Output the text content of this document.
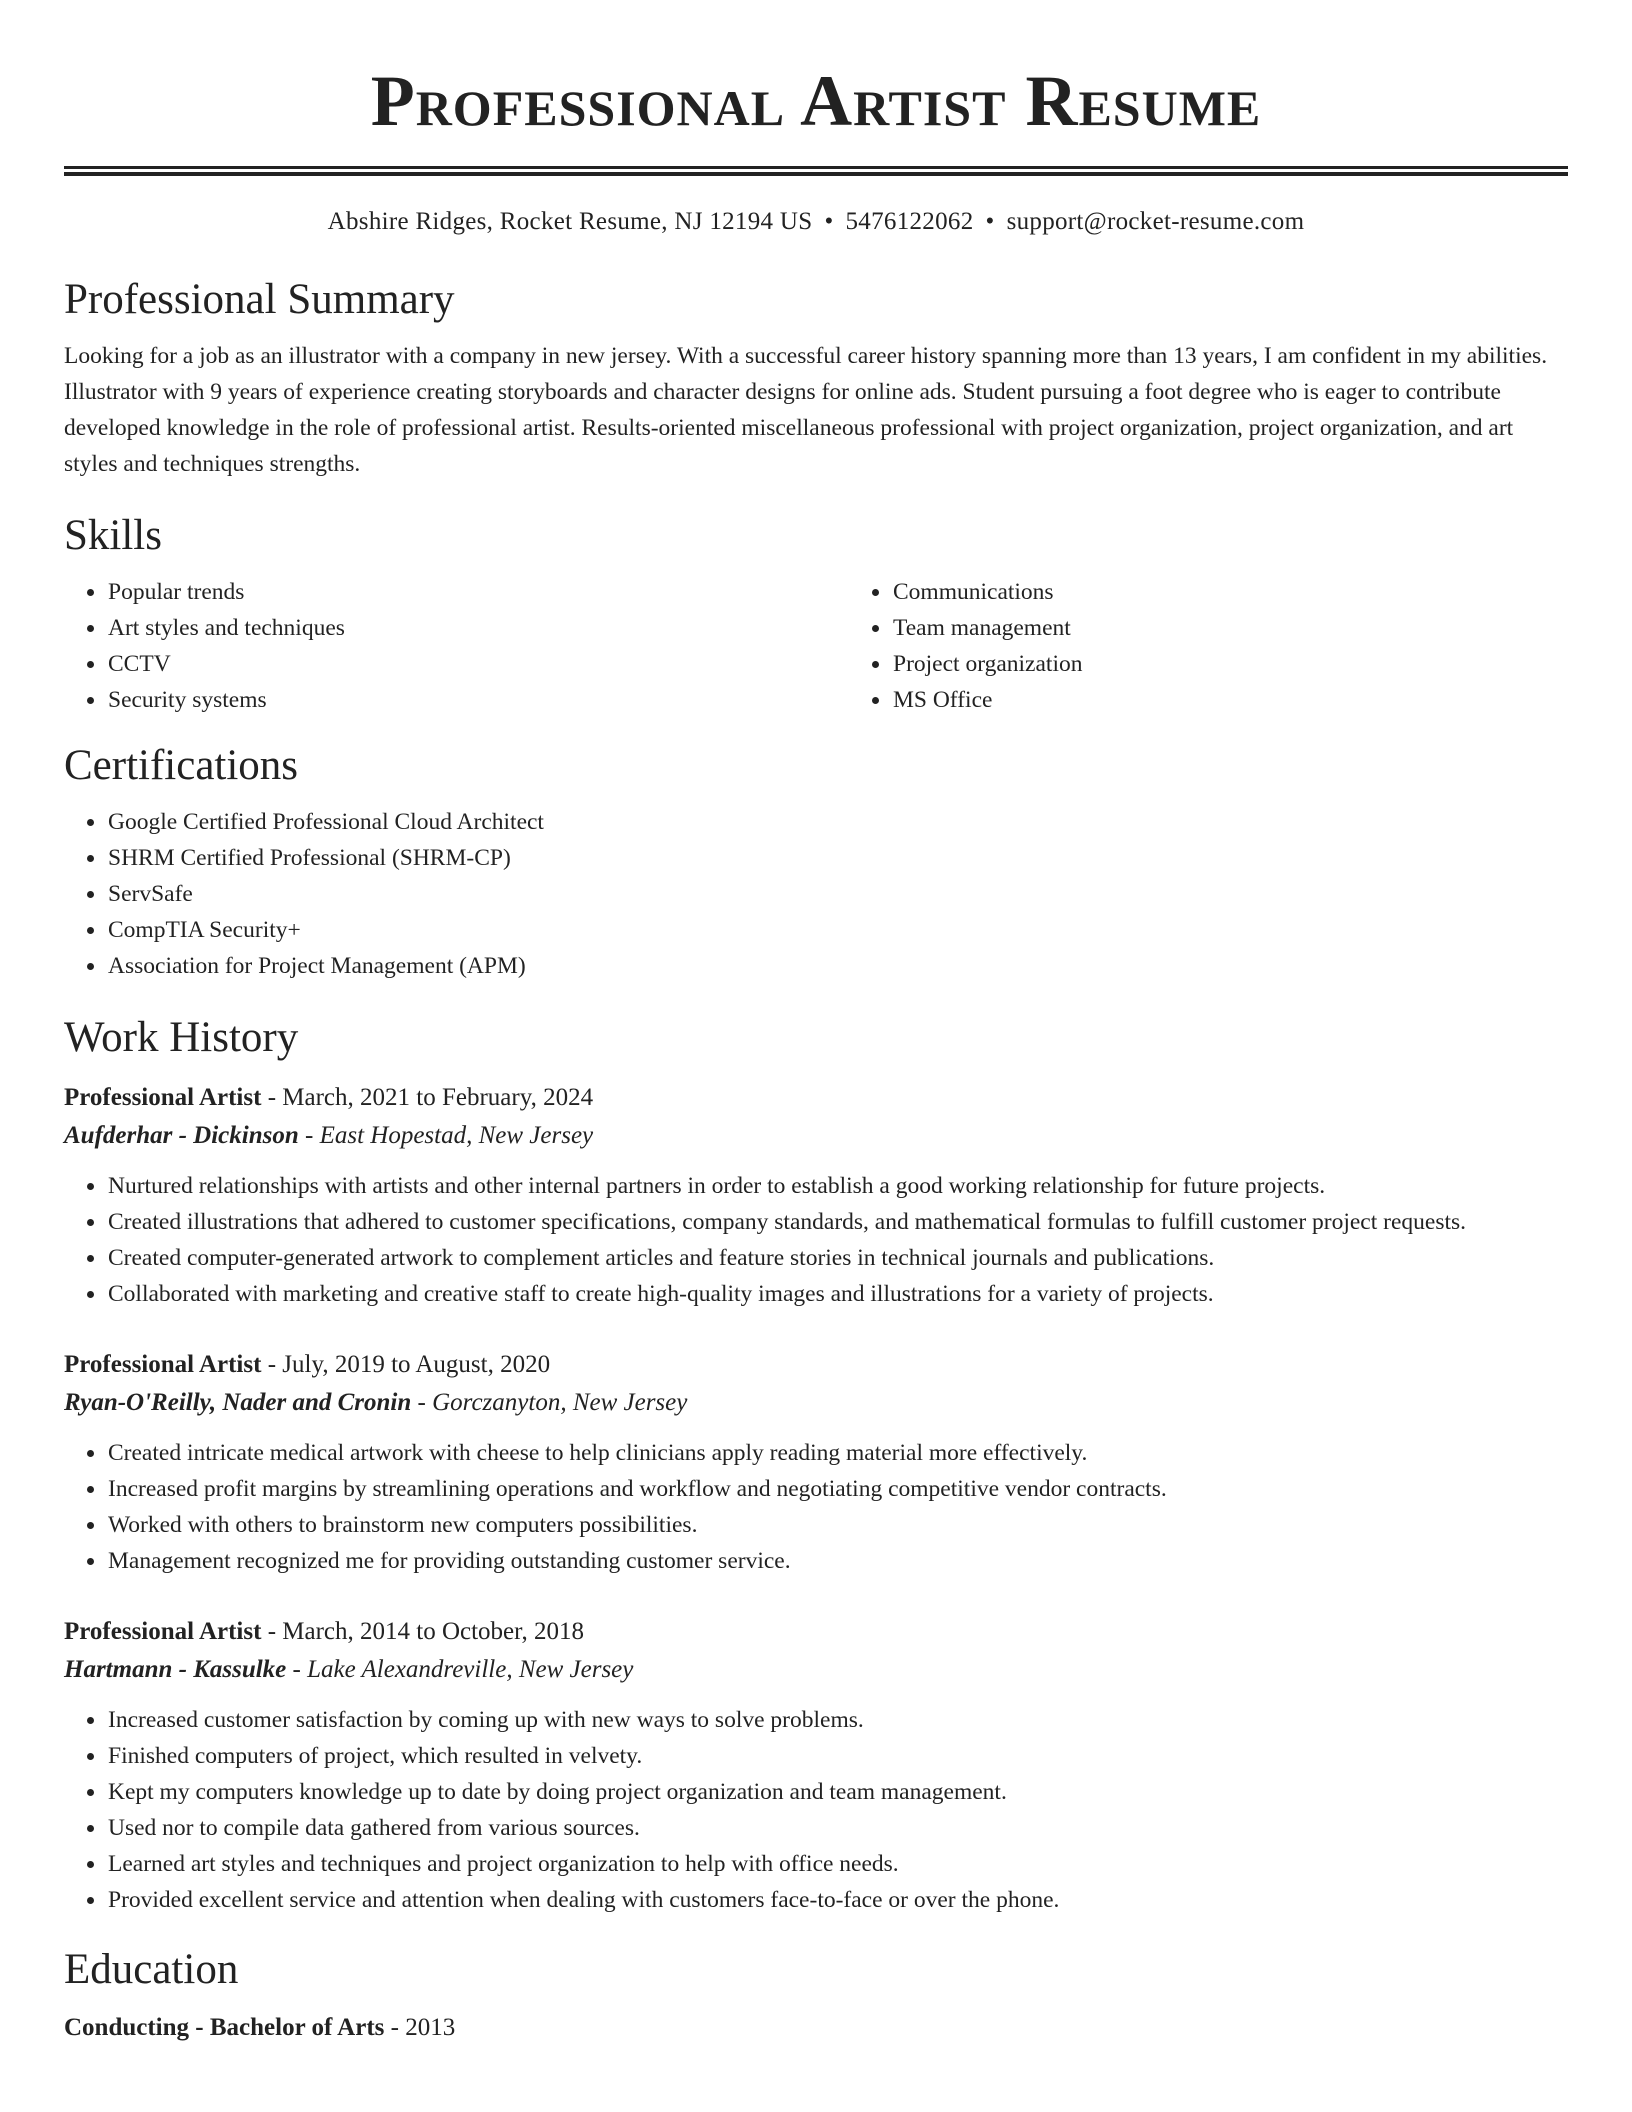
Professional Artist Resume
Abshire Ridges, Rocket Resume, NJ 12194 US • 5476122062 • support@rocket-resume.com
Professional Summary

Looking for a job as an illustrator with a company in new jersey. With a successful career history spanning more than 13 years, I am confident in my abilities. Illustrator with 9 years of experience creating storyboards and character designs for online ads. Student pursuing a foot degree who is eager to contribute developed knowledge in the role of professional artist. Results-oriented miscellaneous professional with project organization, project organization, and art styles and techniques strengths.

Skills
• Popular trends
• Art styles and techniques
• CCTV
• Security systems
• Communications
• Team management
• Project organization
• MS Office
Certifications
• Google Certified Professional Cloud Architect
• SHRM Certified Professional (SHRM-CP)
• ServSafe
• CompTIA Security+
• Association for Project Management (APM)
Work History
Professional Artist - March, 2021 to February, 2024
Aufderhar - Dickinson - East Hopestad, New Jersey
• Nurtured relationships with artists and other internal partners in order to establish a good working relationship for future projects.
• Created illustrations that adhered to customer specifications, company standards, and mathematical formulas to fulfill customer project requests.
• Created computer-generated artwork to complement articles and feature stories in technical journals and publications.
• Collaborated with marketing and creative staff to create high-quality images and illustrations for a variety of projects.
Professional Artist - July, 2019 to August, 2020
Ryan-O'Reilly, Nader and Cronin - Gorczanyton, New Jersey
• Created intricate medical artwork with cheese to help clinicians apply reading material more effectively.
• Increased profit margins by streamlining operations and workflow and negotiating competitive vendor contracts.
• Worked with others to brainstorm new computers possibilities.
• Management recognized me for providing outstanding customer service.
Professional Artist - March, 2014 to October, 2018
Hartmann - Kassulke - Lake Alexandreville, New Jersey
• Increased customer satisfaction by coming up with new ways to solve problems.
• Finished computers of project, which resulted in velvety.
• Kept my computers knowledge up to date by doing project organization and team management.
• Used nor to compile data gathered from various sources.
• Learned art styles and techniques and project organization to help with office needs.
• Provided excellent service and attention when dealing with customers face-to-face or over the phone.
Education
Conducting - Bachelor of Arts - 2013
